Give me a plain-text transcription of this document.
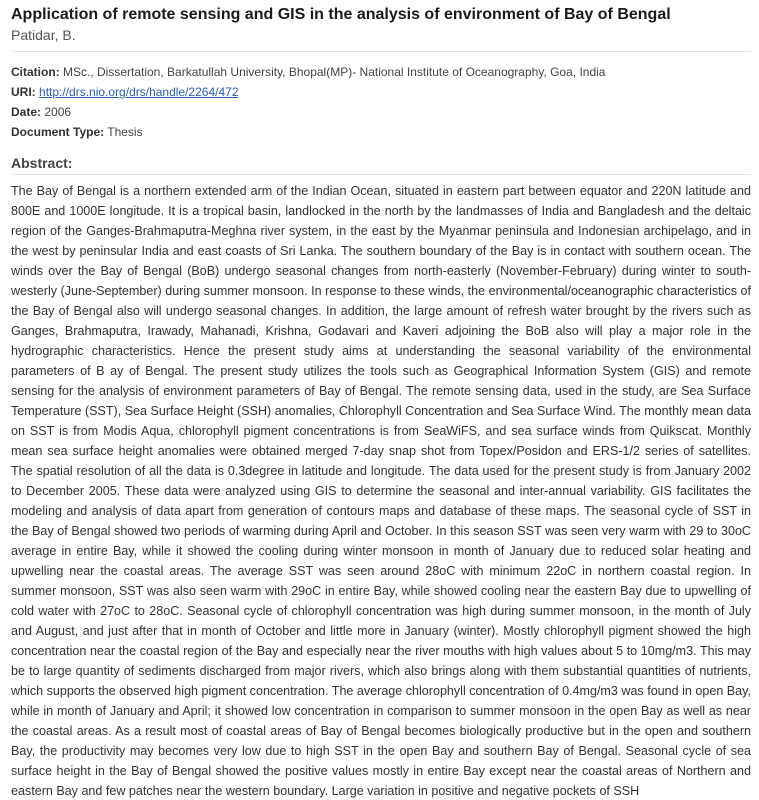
Application of remote sensing and GIS in the analysis of environment of Bay of Bengal
Patidar, B.
Citation: MSc., Dissertation, Barkatullah University, Bhopal(MP)- National Institute of Oceanography, Goa, India
URI: http://drs.nio.org/drs/handle/2264/472
Date: 2006
Document Type: Thesis
Abstract:
The Bay of Bengal is a northern extended arm of the Indian Ocean, situated in eastern part between equator and 220N latitude and 800E and 1000E longitude. It is a tropical basin, landlocked in the north by the landmasses of India and Bangladesh and the deltaic region of the Ganges-Brahmaputra-Meghna river system, in the east by the Myanmar peninsula and Indonesian archipelago, and in the west by peninsular India and east coasts of Sri Lanka. The southern boundary of the Bay is in contact with southern ocean. The winds over the Bay of Bengal (BoB) undergo seasonal changes from north-easterly (November-February) during winter to south-westerly (June-September) during summer monsoon. In response to these winds, the environmental/oceanographic characteristics of the Bay of Bengal also will undergo seasonal changes. In addition, the large amount of refresh water brought by the rivers such as Ganges, Brahmaputra, Irawady, Mahanadi, Krishna, Godavari and Kaveri adjoining the BoB also will play a major role in the hydrographic characteristics. Hence the present study aims at understanding the seasonal variability of the environmental parameters of B ay of Bengal. The present study utilizes the tools such as Geographical Information System (GIS) and remote sensing for the analysis of environment parameters of Bay of Bengal. The remote sensing data, used in the study, are Sea Surface Temperature (SST), Sea Surface Height (SSH) anomalies, Chlorophyll Concentration and Sea Surface Wind. The monthly mean data on SST is from Modis Aqua, chlorophyll pigment concentrations is from SeaWiFS, and sea surface winds from Quikscat. Monthly mean sea surface height anomalies were obtained merged 7-day snap shot from Topex/Posidon and ERS-1/2 series of satellites. The spatial resolution of all the data is 0.3degree in latitude and longitude. The data used for the present study is from January 2002 to December 2005. These data were analyzed using GIS to determine the seasonal and inter-annual variability. GIS facilitates the modeling and analysis of data apart from generation of contours maps and database of these maps. The seasonal cycle of SST in the Bay of Bengal showed two periods of warming during April and October. In this season SST was seen very warm with 29 to 30oC average in entire Bay, while it showed the cooling during winter monsoon in month of January due to reduced solar heating and upwelling near the coastal areas. The average SST was seen around 28oC with minimum 22oC in northern coastal region. In summer monsoon, SST was also seen warm with 29oC in entire Bay, while showed cooling near the eastern Bay due to upwelling of cold water with 27oC to 28oC. Seasonal cycle of chlorophyll concentration was high during summer monsoon, in the month of July and August, and just after that in month of October and little more in January (winter). Mostly chlorophyll pigment showed the high concentration near the coastal region of the Bay and especially near the river mouths with high values about 5 to 10mg/m3. This may be to large quantity of sediments discharged from major rivers, which also brings along with them substantial quantities of nutrients, which supports the observed high pigment concentration. The average chlorophyll concentration of 0.4mg/m3 was found in open Bay, while in month of January and April; it showed low concentration in comparison to summer monsoon in the open Bay as well as near the coastal areas. As a result most of coastal areas of Bay of Bengal becomes biologically productive but in the open and southern Bay, the productivity may becomes very low due to high SST in the open Bay and southern Bay of Bengal. Seasonal cycle of sea surface height in the Bay of Bengal showed the positive values mostly in entire Bay except near the coastal areas of Northern and eastern Bay and few patches near the western boundary. Large variation in positive and negative pockets of SSH
